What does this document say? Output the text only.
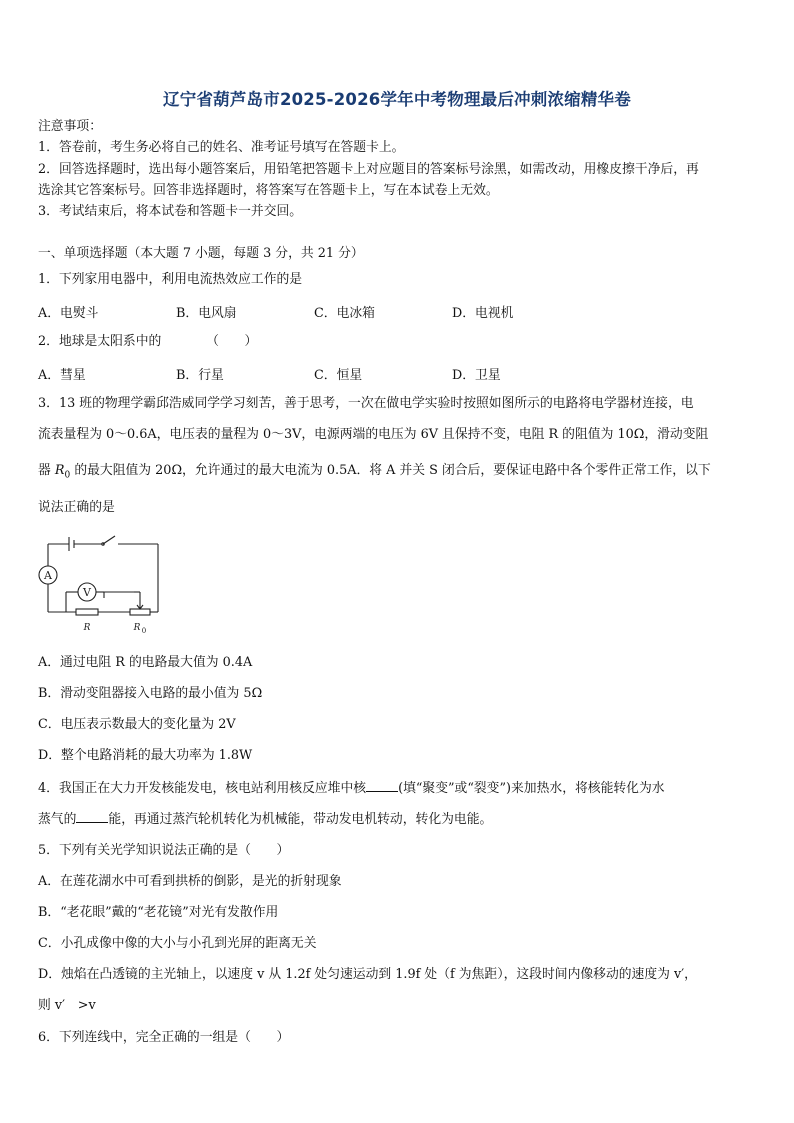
辽宁省葫芦岛市2025-2026学年中考物理最后冲刺浓缩精华卷
注意事项：
1．答卷前，考生务必将自己的姓名、准考证号填写在答题卡上。
2．回答选择题时，选出每小题答案后，用铅笔把答题卡上对应题目的答案标号涂黑，如需改动，用橡皮擦干净后，再
选涂其它答案标号。回答非选择题时，将答案写在答题卡上，写在本试卷上无效。
3．考试结束后，将本试卷和答题卡一并交回。
一、单项选择题（本大题 7 小题，每题 3 分，共 21 分）
1．下列家用电器中，利用电流热效应工作的是
A．电熨斗	B．电风扇	C．电冰箱	D．电视机
2．地球是太阳系中的　　　　（　　）
A．彗星	B．行星	C．恒星	D．卫星
3．13 班的物理学霸邱浩威同学学习刻苦，善于思考，一次在做电学实验时按照如图所示的电路将电学器材连接，电
流表量程为 0～0.6A，电压表的量程为 0～3V，电源两端的电压为 6V 且保持不变，电阻 R 的阻值为 10Ω，滑动变阻
器 $R_0$ 的最大阻值为 20Ω，允许通过的最大电流为 0.5A．将 A 并关 S 闭合后，要保证电路中各个零件正常工作，以下
说法正确的是
A
V
R	R 0
A．通过电阻 R 的电路最大值为 0.4A
B．滑动变阻器接入电路的最小值为 5Ω
C．电压表示数最大的变化量为 2V
D．整个电路消耗的最大功率为 1.8W
4．我国正在大力开发核能发电，核电站利用核反应堆中核	(填“聚变”或“裂变”)来加热水，将核能转化为水
蒸气的	能，再通过蒸汽轮机转化为机械能，带动发电机转动，转化为电能。
5．下列有关光学知识说法正确的是（　　）
A．在莲花湖水中可看到拱桥的倒影，是光的折射现象
B．“老花眼”戴的“老花镜”对光有发散作用
C．小孔成像中像的大小与小孔到光屏的距离无关
D．烛焰在凸透镜的主光轴上，以速度 v 从 1.2f 处匀速运动到 1.9f 处（f 为焦距），这段时间内像移动的速度为 v′，
则 v′　>v
6．下列连线中，完全正确的一组是（　　）
